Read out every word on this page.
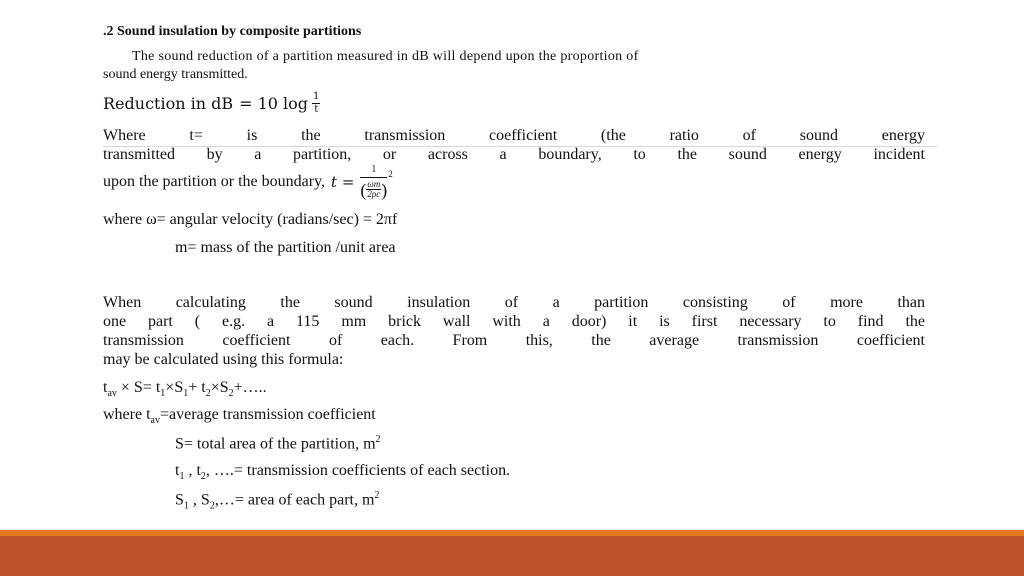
.2 Sound insulation by composite partitions
The sound reduction of a partition measured in dB will depend upon the proportion of
sound energy transmitted.
Reduction in dB = 10 $\log \frac{1}{t}$
Where t= is the transmission coefficient (the ratio of sound energy
transmitted by a partition, or across a boundary, to the sound energy incident
upon the partition or the boundary, t =
1
( $\frac{\omega m}{2\rho c}$ )
2
where ω= angular velocity (radians/sec) = 2πf
m= mass of the partition /unit area
When calculating the sound insulation of a partition consisting of more than
one part ( e.g. a 115 mm brick wall with a door) it is first necessary to find the
transmission coefficient of each. From this, the average transmission coefficient
may be calculated using this formula:
$t_{av} \times S= t_1\times S_1+$ $t_2\times S_2+\dots$..
where $t_{av}=average$ transmission coefficient
S= total area of the partition, $m^2$
$t_1$ , $t_2$, ….= transmission coefficients of each section.
$S_1$ , $S_2,\dots=$ area of each part, $m^2$
